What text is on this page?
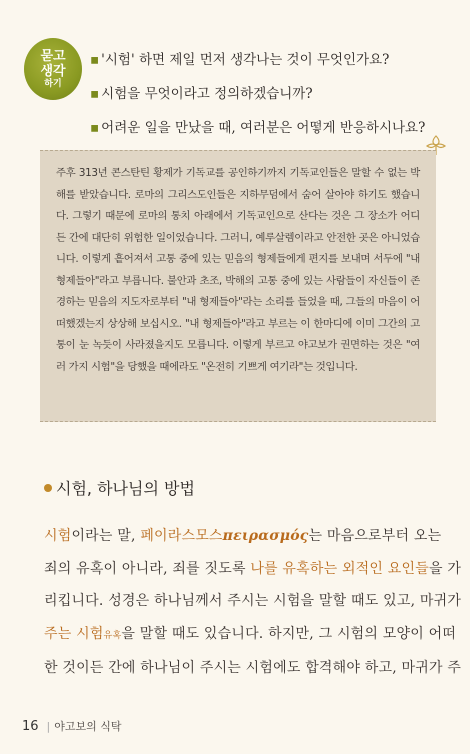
묻고
생각
하기
▪ '시험' 하면 제일 먼저 생각나는 것이 무엇인가요?
▪ 시험을 무엇이라고 정의하겠습니까?
▪ 어려운 일을 만났을 때, 여러분은 어떻게 반응하시나요?

주후 313년 콘스탄틴 황제가 기독교를 공인하기까지 기독교인들은 말할 수 없는 박해를 받았습니다. 로마의 그리스도인들은 지하무덤에서 숨어 살아야 하기도 했습니다. 그렇기 때문에 로마의 통치 아래에서 기독교인으로 산다는 것은 그 장소가 어디든 간에 대단히 위험한 일이었습니다. 그러니, 예루살렘이라고 안전한 곳은 아니었습니다. 이렇게 흩어져서 고통 중에 있는 믿음의 형제들에게 편지를 보내며 서두에 "내 형제들아"라고 부릅니다. 불안과 초조, 박해의 고통 중에 있는 사람들이 자신들이 존경하는 믿음의 지도자로부터 "내 형제들아"라는 소리를 들었을 때, 그들의 마음이 어떠했겠는지 상상해 보십시오. "내 형제들아"라고 부르는 이 한마디에 이미 그간의 고통이 눈 녹듯이 사라졌을지도 모릅니다. 이렇게 부르고 야고보가 권면하는 것은 "여러 가지 시험"을 당했을 때에라도 "온전히 기쁘게 여기라"는 것입니다.

시험, 하나님의 방법
시험이라는 말, 페이라스모스πειρασμός는 마음으로부터 오는
죄의 유혹이 아니라, 죄를 짓도록 나를 유혹하는 외적인 요인들을 가
리킵니다. 성경은 하나님께서 주시는 시험을 말할 때도 있고, 마귀가
주는 시험유혹을 말할 때도 있습니다. 하지만, 그 시험의 모양이 어떠
한 것이든 간에 하나님이 주시는 시험에도 합격해야 하고, 마귀가 주
16 | 야고보의 식탁
